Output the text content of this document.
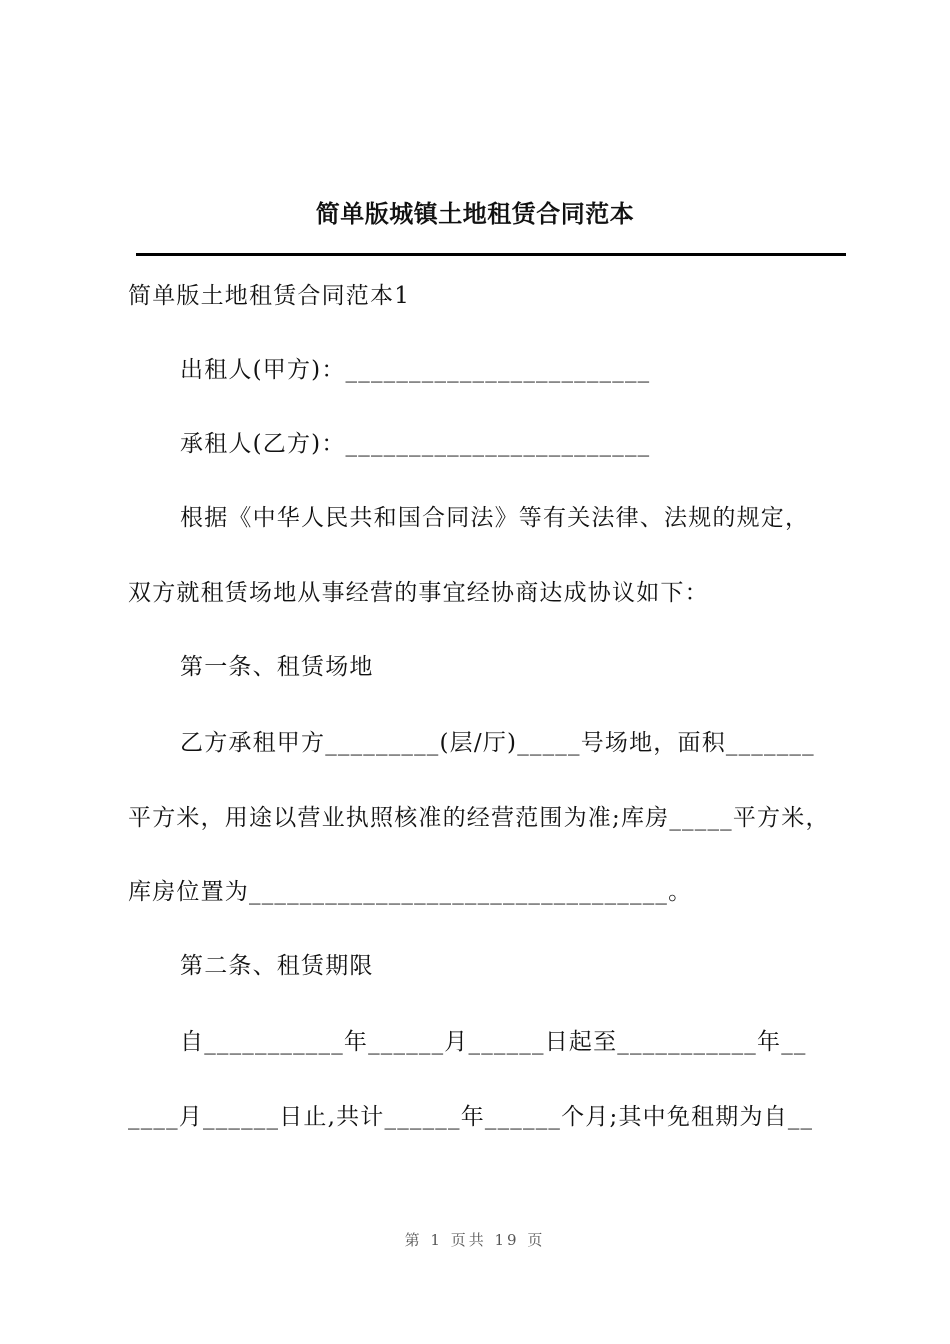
简单版城镇土地租赁合同范本
简单版土地租赁合同范本1
出租人(甲方)：________________________
承租人(乙方)：________________________
根据《中华人民共和国合同法》等有关法律、法规的规定，
双方就租赁场地从事经营的事宜经协商达成协议如下：
第一条、租赁场地
乙方承租甲方_________(层/厅)_____号场地，面积_______
平方米，用途以营业执照核准的经营范围为准;库房_____平方米，
库房位置为_________________________________。
第二条、租赁期限
自___________年______月______日起至___________年__
____月______日止,共计______年______个月;其中免租期为自__
第 1 页共 19 页
